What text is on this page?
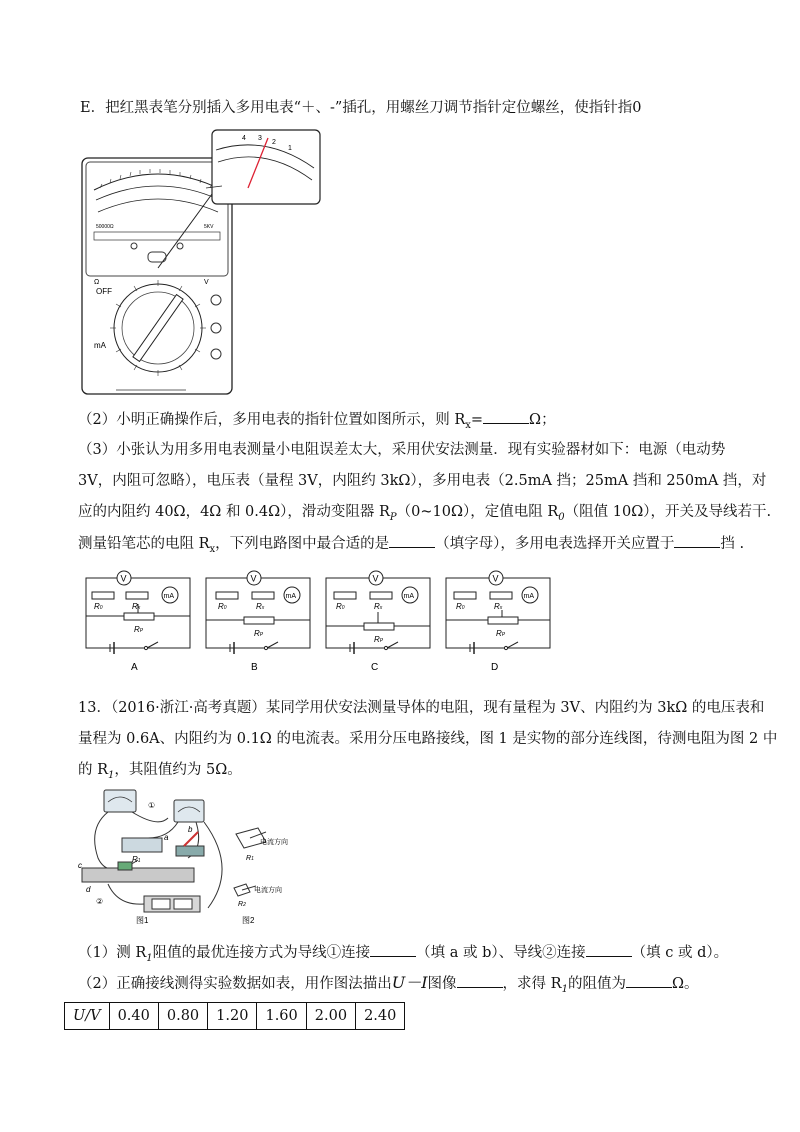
E．把红黑表笔分别插入多用电表“＋、-”插孔，用螺丝刀调节指针定位螺丝，使指针指0
50000Ω	5KV
Ω	V
OFF
mA
1
2
3
4
（2）小明正确操作后，多用电表的指针位置如图所示，则 $R_x=$	Ω；
（3）小张认为用多用电表测量小电阻误差太大，采用伏安法测量．现有实验器材如下：电源（电动势
3V，内阻可忽略），电压表（量程 3V，内阻约 3kΩ），多用电表（2.5mA 挡；25mA 挡和 250mA 挡，对
应的内阻约 40Ω，4Ω 和 0.4Ω），滑动变阻器 $R_P(0\sim 10\Omega)$，定值电阻 $R_0$（阻值 10Ω），开关及导线若干.
测量铅笔芯的电阻 $R_x$，下列电路图中最合适的是	（填字母），多用电表选择开关应置于	挡 .
V
mA
R0	Rx
RP
A
V
mA
R0	Rx
RP
B
V
mA
R0	Rx
RP
C
V
mA
R0	Rx
RP
D
13．（2016·浙江·高考真题）某同学用伏安法测量导体的电阻，现有量程为 3V、内阻约为 3kΩ 的电压表和
量程为 0.6A、内阻约为 0.1Ω 的电流表。采用分压电路接线，图 1 是实物的部分连线图，待测电阻为图 2 中
的 $R_1$，其阻值约为 5Ω。
①
R1
a
b
c
d
②
图1
电流方向
R1
电流方向
R2
图2
（1）测 $R_1$阻值的最优连接方式为导线①连接	（填 a 或 b）、导线②连接	（填 c 或 d）。
（2）正确接线测得实验数据如表，用作图法描出U－I图像	，求得 $R_1$的阻值为	Ω。
U/V	0.40	0.80	1.20	1.60	2.00	2.40
